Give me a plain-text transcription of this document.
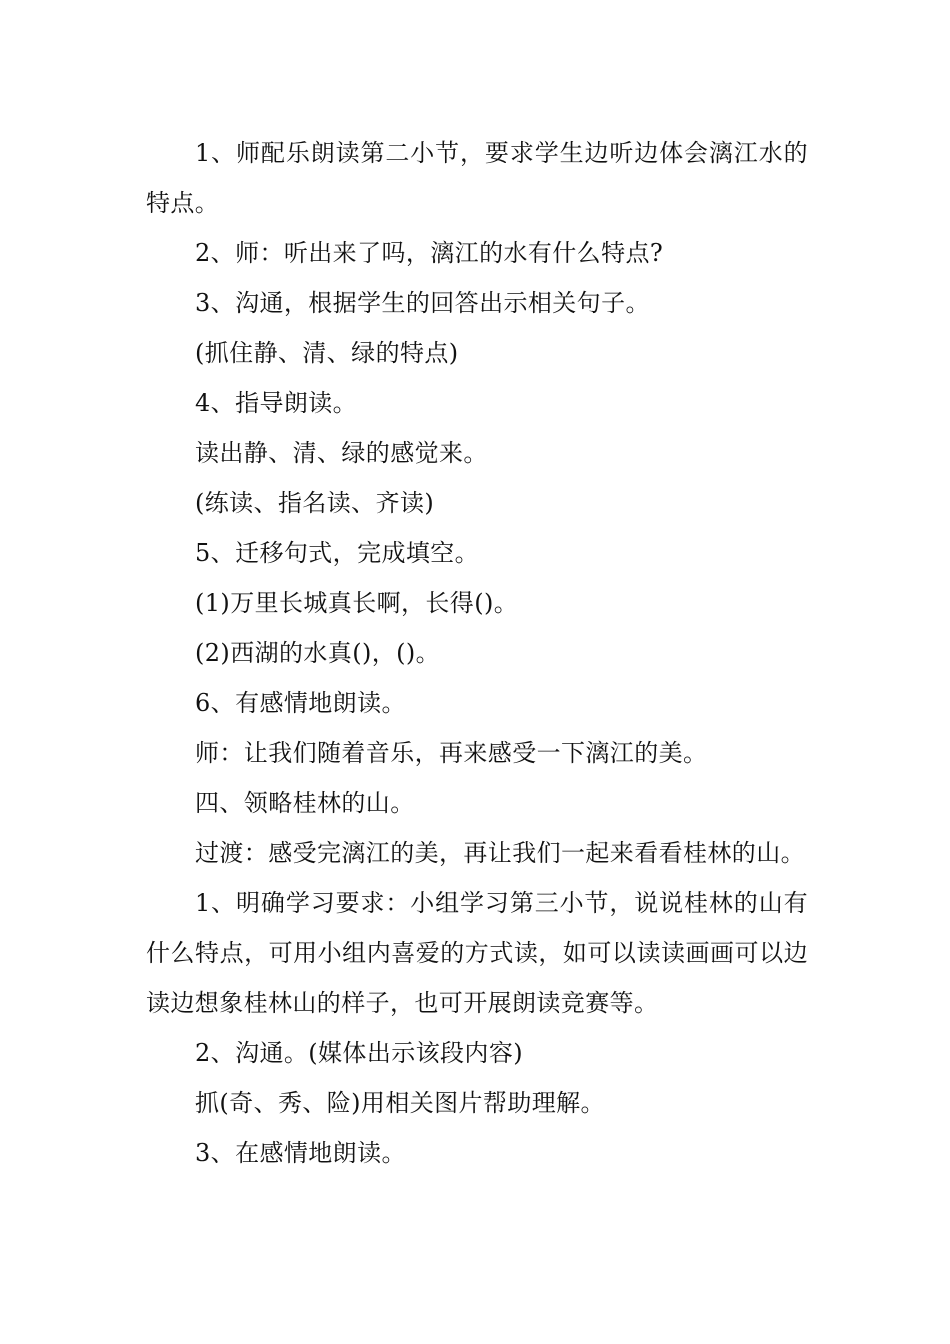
1、师配乐朗读第二小节，要求学生边听边体会漓江水的特点。

2、师：听出来了吗，漓江的水有什么特点?

3、沟通，根据学生的回答出示相关句子。

(抓住静、清、绿的特点)

4、指导朗读。

读出静、清、绿的感觉来。

(练读、指名读、齐读)

5、迁移句式，完成填空。

(1)万里长城真长啊，长得()。

(2)西湖的水真()，()。

6、有感情地朗读。

师：让我们随着音乐，再来感受一下漓江的美。

四、领略桂林的山。

过渡：感受完漓江的美，再让我们一起来看看桂林的山。

1、明确学习要求：小组学习第三小节，说说桂林的山有什么特点，可用小组内喜爱的方式读，如可以读读画画可以边读边想象桂林山的样子，也可开展朗读竞赛等。

2、沟通。(媒体出示该段内容)

抓(奇、秀、险)用相关图片帮助理解。

3、在感情地朗读。
